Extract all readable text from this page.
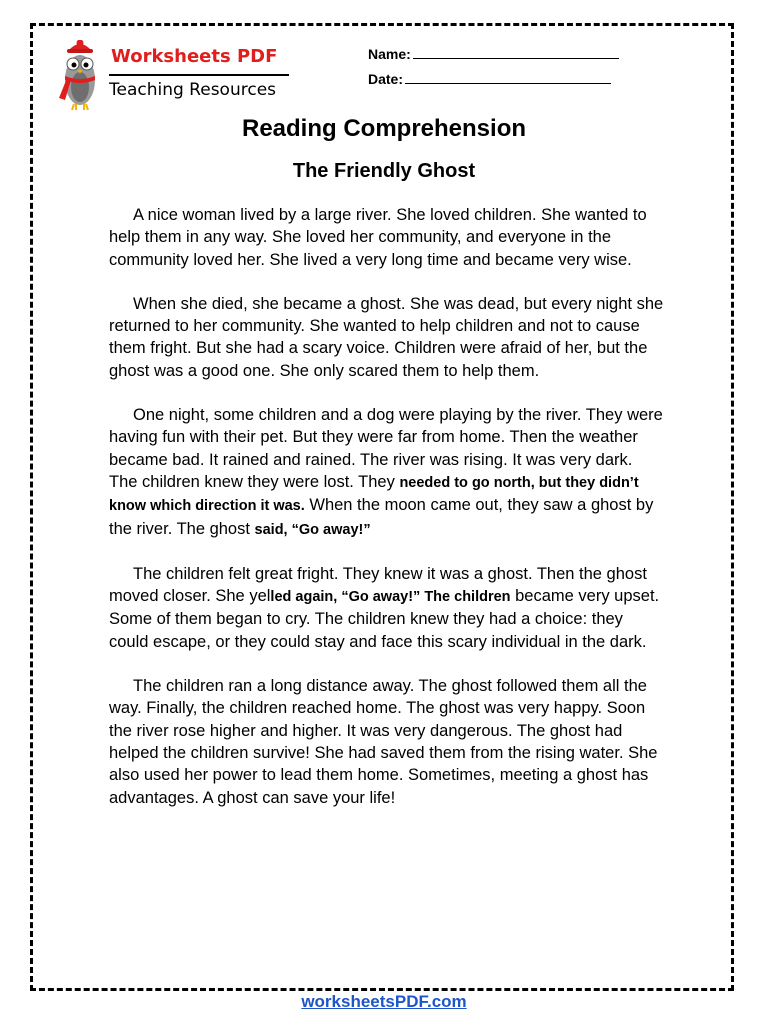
Worksheets PDF
Teaching Resources
Name:
Date:
Reading Comprehension
The Friendly Ghost

A nice woman lived by a large river. She loved children. She wanted to help them in any way. She loved her community, and everyone in the community loved her. She lived a very long time and became very wise.

When she died, she became a ghost. She was dead, but every night she returned to her community. She wanted to help children and not to cause them fright. But she had a scary voice. Children were afraid of her, but the ghost was a good one. She only scared them to help them.

One night, some children and a dog were playing by the river. They were having fun with their pet. But they were far from home. Then the weather became bad. It rained and rained. The river was rising. It was very dark. The children knew they were lost. They needed to go north, but they didn’t know which direction it was. When the moon came out, they saw a ghost by the river. The ghost said, “Go away!”

The children felt great fright. They knew it was a ghost. Then the ghost moved closer. She yelled again, “Go away!” The children became very upset. Some of them began to cry. The children knew they had a choice: they could escape, or they could stay and face this scary individual in the dark.

The children ran a long distance away. The ghost followed them all the way. Finally, the children reached home. The ghost was very happy. Soon the river rose higher and higher. It was very dangerous. The ghost had helped the children survive! She had saved them from the rising water. She also used her power to lead them home. Sometimes, meeting a ghost has advantages. A ghost can save your life!

worksheetsPDF.com
